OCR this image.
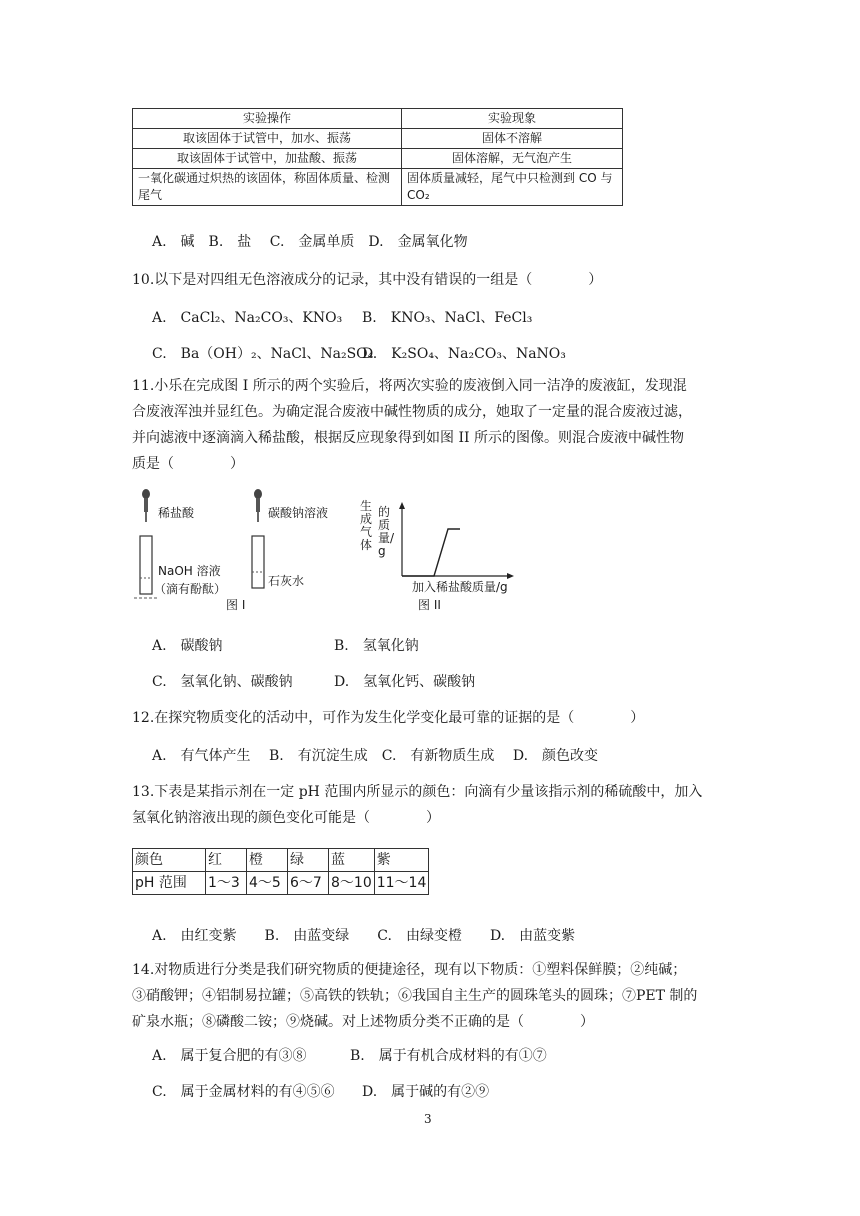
实验操作	实验现象
取该固体于试管中，加水、振荡	固体不溶解
取该固体于试管中，加盐酸、振荡	固体溶解，无气泡产生
一氧化碳通过炽热的该固体，称固体质量、检测尾气	固体质量减轻，尾气中只检测到 CO 与 CO₂
A.　碱　B.　盐　 C.　金属单质　D.　金属氧化物
10.以下是对四组无色溶液成分的记录，其中没有错误的一组是（　　　　）
A.　CaCl₂、Na₂CO₃、KNO₃ B.　KNO₃、NaCl、FeCl₃
C.　Ba（OH）₂、NaCl、Na₂SO₄
D.　K₂SO₄、Na₂CO₃、NaNO₃
11.小乐在完成图 I 所示的两个实验后，将两次实验的废液倒入同一洁净的废液缸，发现混
合废液浑浊并显红色。为确定混合废液中碱性物质的成分，她取了一定量的混合废液过滤，
并向滤液中逐滴滴入稀盐酸，根据反应现象得到如图 II 所示的图像。则混合废液中碱性物
质是（　　　　）
稀盐酸	碳酸钠溶液
NaOH 溶液
（滴有酚酞）
石灰水
图 I
生成气体
的质量/g
加入稀盐酸质量/g
图 II
A.　碳酸钠	B.　氢氧化钠
C.　氢氧化钠、碳酸钠	D.　氢氧化钙、碳酸钠
12.在探究物质变化的活动中，可作为发生化学变化最可靠的证据的是（　　　　）
A.　有气体产生　 B.　有沉淀生成　C.　有新物质生成　 D.　颜色改变
13.下表是某指示剂在一定 pH 范围内所显示的颜色：向滴有少量该指示剂的稀硫酸中，加入
氢氧化钠溶液出现的颜色变化可能是（　　　　）
颜色	红	橙	绿	蓝	紫
pH 范围	1～3	4～5	6～7	8～10	11～14
A.　由红变紫　　B.　由蓝变绿　　C.　由绿变橙　　D.　由蓝变紫
14.对物质进行分类是我们研究物质的便捷途径，现有以下物质：①塑料保鲜膜；②纯碱；
③硝酸钾；④铝制易拉罐；⑤高铁的铁轨；⑥我国自主生产的圆珠笔头的圆珠；⑦PET 制的
矿泉水瓶；⑧磷酸二铵；⑨烧碱。对上述物质分类不正确的是（　　　　）
A.　属于复合肥的有③⑧	B.　属于有机合成材料的有①⑦
C.　属于金属材料的有④⑤⑥ D.　属于碱的有②⑨
3
